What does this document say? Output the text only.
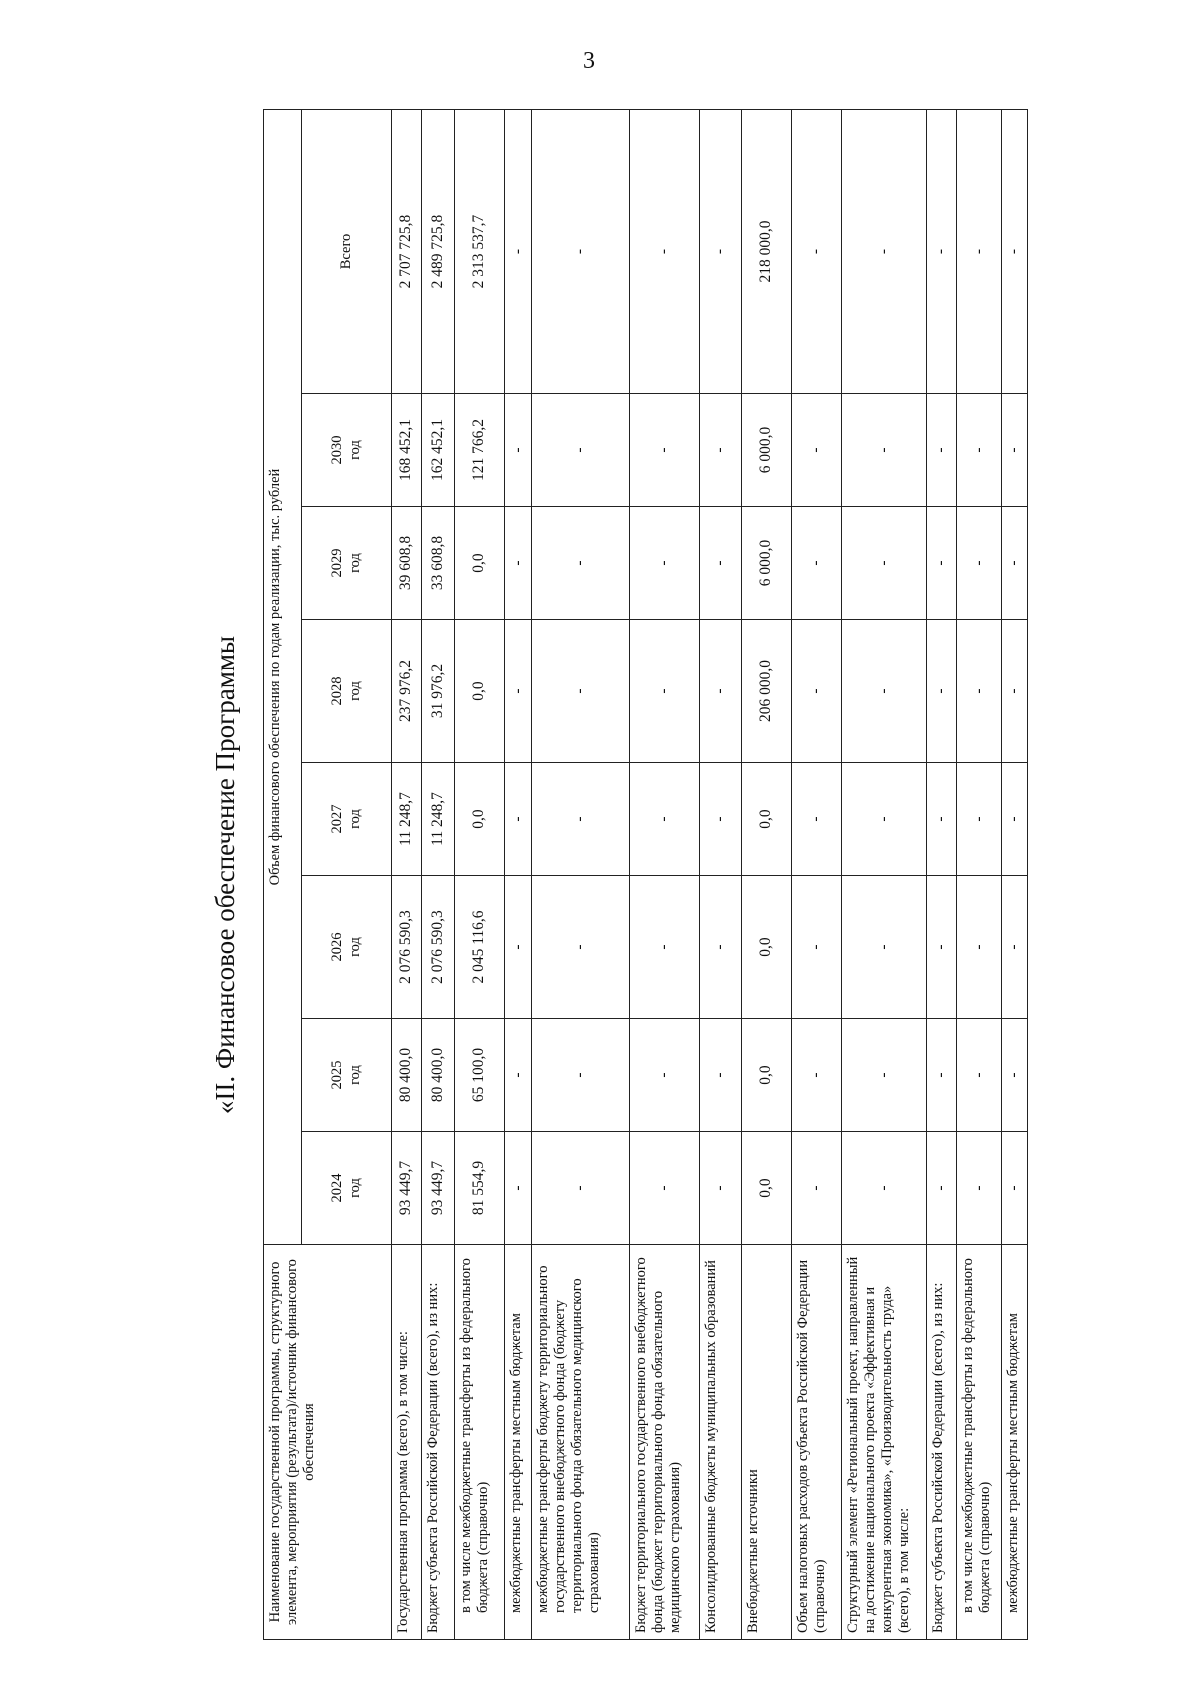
3
«II. Финансовое обеспечение Программы
Наименование государственной программы, структурного элемента, мероприятия (результата)/источник финансового обеспечения	Объем финансового обеспечения по годам реализации, тыс. рублей							

	2024 год	2025 год	2026 год	2027 год	2028 год	2029 год	2030 год	Всего
Государственная программа (всего), в том числе:	93 449,7	80 400,0	2 076 590,3	11 248,7	237 976,2	39 608,8	168 452,1	2 707 725,8
Бюджет субъекта Российской Федерации (всего), из них:	93 449,7	80 400,0	2 076 590,3	11 248,7	31 976,2	33 608,8	162 452,1	2 489 725,8
в том числе межбюджетные трансферты из федерального бюджета (справочно)	81 554,9	65 100,0	2 045 116,6	0,0	0,0	0,0	121 766,2	2 313 537,7
межбюджетные трансферты местным бюджетам	-	-	-	-	-	-	-	-
межбюджетные трансферты бюджету территориального государственного внебюджетного фонда (бюджету территориального фонда обязательного медицинского страхования)	-	-	-	-	-	-	-	-
Бюджет территориального государственного внебюджетного фонда (бюджет территориального фонда обязательного медицинского страхования)	-	-	-	-	-	-	-	-
Консолидированные бюджеты муниципальных образований	-	-	-	-	-	-	-	-
Внебюджетные источники	0,0	0,0	0,0	0,0	206 000,0	6 000,0	6 000,0	218 000,0
Объем налоговых расходов субъекта Российской Федерации (справочно)	-	-	-	-	-	-	-	-
Структурный элемент «Региональный проект, направленный на достижение национального проекта «Эффективная и конкурентная экономика», «Производительность труда» (всего), в том числе:	-	-	-	-	-	-	-	-
Бюджет субъекта Российской Федерации (всего), из них:	-	-	-	-	-	-	-	-
в том числе межбюджетные трансферты из федерального бюджета (справочно)	-	-	-	-	-	-	-	-
межбюджетные трансферты местным бюджетам	-	-	-	-	-	-	-	-
